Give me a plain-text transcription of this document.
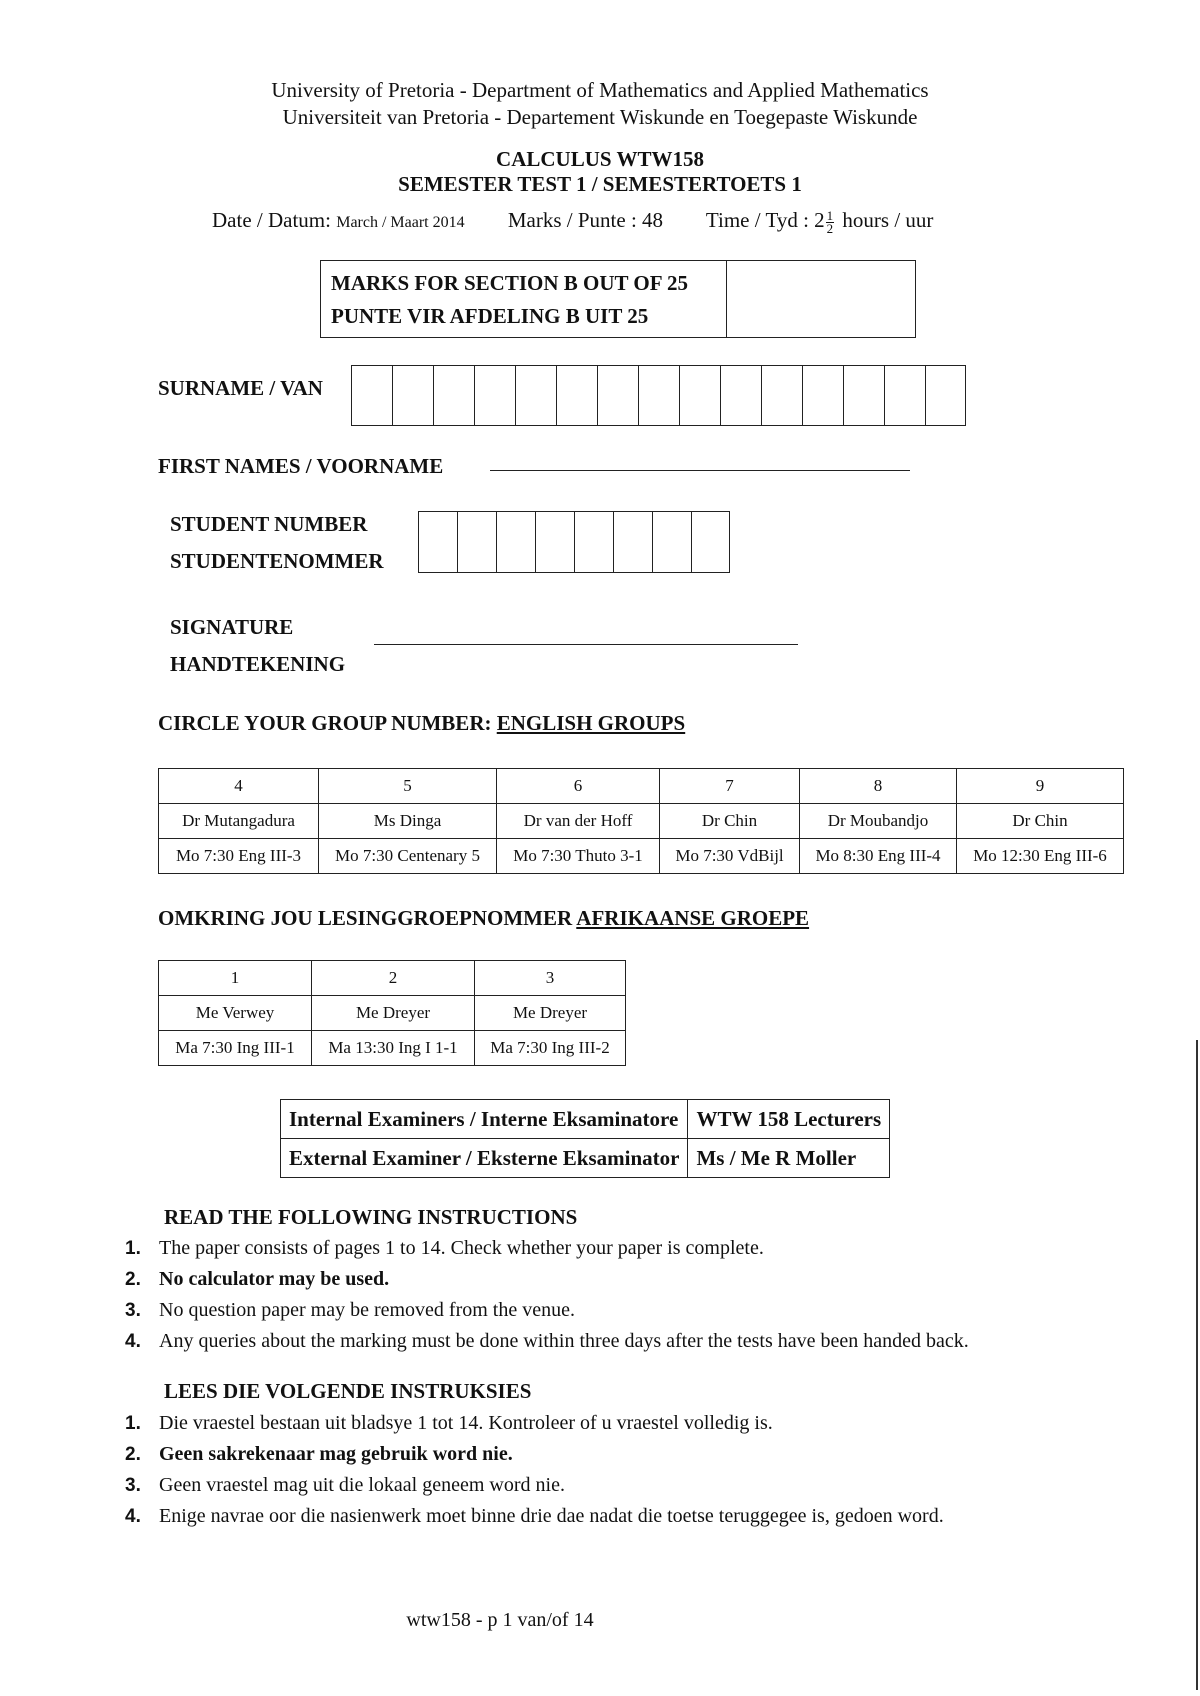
University of Pretoria - Department of Mathematics and Applied Mathematics
Universiteit van Pretoria - Departement Wiskunde en Toegepaste Wiskunde
CALCULUS WTW158
SEMESTER TEST 1 / SEMESTERTOETS 1
Date / Datum: March / Maart 2014 Marks / Punte : 48 Time / Tyd : $2 \frac{1}{2}$ hours / uur
MARKS FOR SECTION B OUT OF 25
PUNTE VIR AFDELING B UIT 25
SURNAME / VAN
FIRST NAMES / VOORNAME
STUDENT NUMBER
STUDENTENOMMER
SIGNATURE
HANDTEKENING
CIRCLE YOUR GROUP NUMBER: ENGLISH GROUPS
4	5	6	7	8	9
Dr Mutangadura	Ms Dinga	Dr van der Hoff	Dr Chin	Dr Moubandjo	Dr Chin
Mo 7:30 Eng III-3	Mo 7:30 Centenary 5	Mo 7:30 Thuto 3-1	Mo 7:30 VdBijl	Mo 8:30 Eng III-4	Mo 12:30 Eng III-6
OMKRING JOU LESINGGROEPNOMMER AFRIKAANSE GROEPE
1	2	3
Me Verwey	Me Dreyer	Me Dreyer
Ma 7:30 Ing III-1	Ma 13:30 Ing I 1-1	Ma 7:30 Ing III-2
Internal Examiners / Interne Eksaminatore	WTW 158 Lecturers
External Examiner / Eksterne Eksaminator	Ms / Me R Moller
READ THE FOLLOWING INSTRUCTIONS
1. The paper consists of pages 1 to 14. Check whether your paper is complete.
2. No calculator may be used.
3. No question paper may be removed from the venue.
4. Any queries about the marking must be done within three days after the tests have been handed back.
LEES DIE VOLGENDE INSTRUKSIES
1. Die vraestel bestaan uit bladsye 1 tot 14. Kontroleer of u vraestel volledig is.
2. Geen sakrekenaar mag gebruik word nie.
3. Geen vraestel mag uit die lokaal geneem word nie.
4. Enige navrae oor die nasienwerk moet binne drie dae nadat die toetse teruggegee is, gedoen word.
wtw158 - p 1 van/of 14
